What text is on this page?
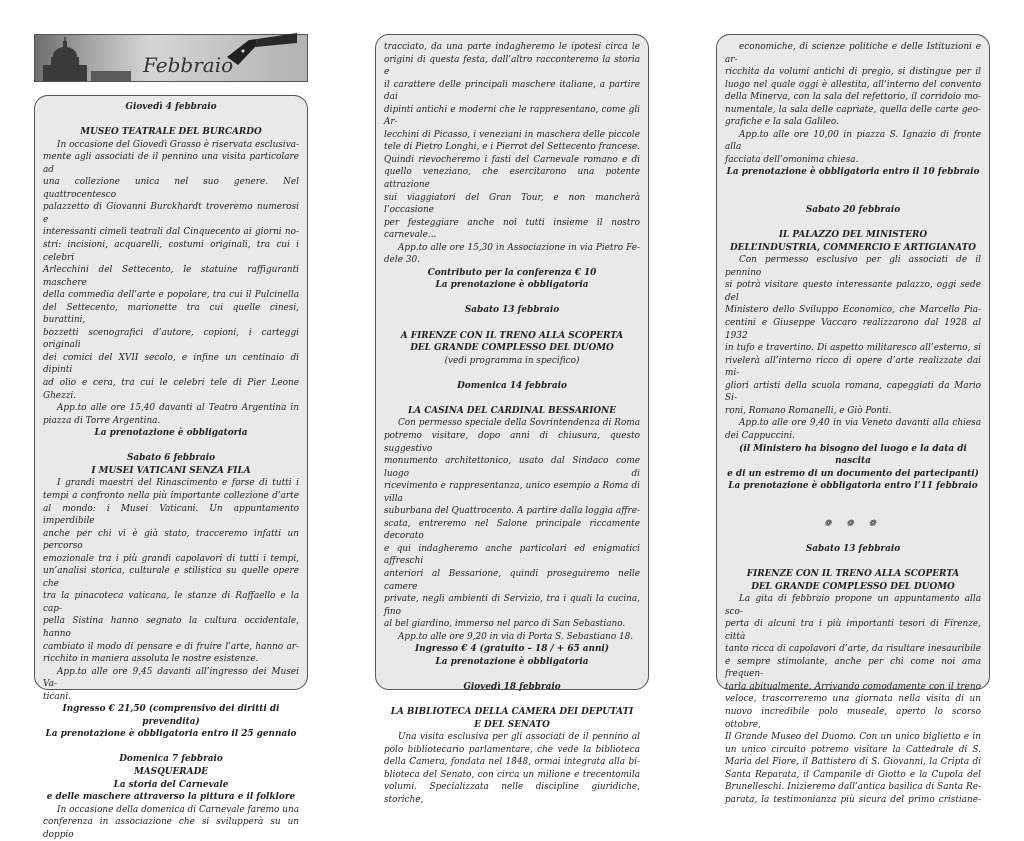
Febbraio

Giovedì 4 febbraio

MUSEO TEATRALE DEL BURCARDO

In occasione del Giovedì Grasso è riservata esclusiva-

mente agli associati de il pennino una visita particolare ad

una collezione unica nel suo genere. Nel quattrocentesco

palazzetto di Giovanni Burckhardt troveremo numerosi e

interessanti cimeli teatrali dal Cinquecento ai giorni no-

stri: incisioni, acquarelli, costumi originali, tra cui i celebri

Arlecchini del Settecento, le statuine raffiguranti maschere

della commedia dell’arte e popolare, tra cui il Pulcinella

del Settecento, marionette tra cui quelle cinesi, burattini,

bozzetti scenografici d’autore, copioni, i carteggi originali

dei comici del XVII secolo, e infine un centinaio di dipinti

ad olio e cera, tra cui le celebri tele di Pier Leone Ghezzi.

App.to alle ore 15,40 davanti al Teatro Argentina in

piazza di Torre Argentina.

La prenotazione è obbligatoria

Sabato 6 febbraio

I MUSEI VATICANI SENZA FILA

I grandi maestri del Rinascimento e forse di tutti i

tempi a confronto nella più importante collezione d’arte

al mondo: i Musei Vaticani. Un appuntamento imperdibile

anche per chi vi è già stato, tracceremo infatti un percorso

emozionale tra i più grandi capolavori di tutti i tempi,

un’analisi storica, culturale e stilistica su quelle opere che

tra la pinacoteca vaticana, le stanze di Raffaello e la cap-

pella Sistina hanno segnato la cultura occidentale, hanno

cambiato il modo di pensare e di fruire l’arte, hanno ar-

ricchito in maniera assoluta le nostre esistenze.

App.to alle ore 9,45 davanti all’ingresso dei Musei Va-

ticani.

Ingresso € 21,50 (comprensivo dei diritti di prevendita)

La prenotazione è obbligatoria entro il 25 gennaio

Domenica 7 febbraio

MASQUERADE

La storia del Carnevale

e delle maschere attraverso la pittura e il folklore

In occasione della domenica di Carnevale faremo una

conferenza in associazione che si svilupperà su un doppio

tracciato, da una parte indagheremo le ipotesi circa le

origini di questa festa, dall’altro racconteremo la storia e

il carattere delle principali maschere italiane, a partire dai

dipinti antichi e moderni che le rappresentano, come gli Ar-

lecchini di Picasso, i veneziani in maschera delle piccole

tele di Pietro Longhi, e i Pierrot del Settecento francese.

Quindi rievocheremo i fasti del Carnevale romano e di

quello veneziano, che esercitarono una potente attrazione

sui viaggiatori del Gran Tour, e non mancherà l’occasione

per festeggiare anche noi tutti insieme il nostro carnevale...

App.to alle ore 15,30 in Associazione in via Pietro Fe-

dele 30.

Contributo per la conferenza € 10

La prenotazione è obbligatoria

Sabato 13 febbraio

A FIRENZE CON IL TRENO ALLA SCOPERTA

DEL GRANDE COMPLESSO DEL DUOMO

(vedi programma in specifico)

Domenica 14 febbraio

LA CASINA DEL CARDINAL BESSARIONE

Con permesso speciale della Sovrintendenza di Roma

potremo visitare, dopo anni di chiusura, questo suggestivo

monumento architettonico, usato dal Sindaco come luogo di

ricevimento e rappresentanza, unico esempio a Roma di villa

suburbana del Quattrocento. A partire dalla loggia affre-

scata, entreremo nel Salone principale riccamente decorato

e qui indagheremo anche particolari ed enigmatici affreschi

anteriori al Bessarione, quindi proseguiremo nelle camere

private, negli ambienti di Servizio, tra i quali la cucina, fino

al bel giardino, immerso nel parco di San Sebastiano.

App.to alle ore 9,20 in via di Porta S. Sebastiano 18.

Ingresso € 4 (gratuito – 18 / + 65 anni)

La prenotazione è obbligatoria

Giovedì 18 febbraio

LA BIBLIOTECA DELLA CAMERA DEI DEPUTATI

E DEL SENATO

Una visita esclusiva per gli associati de il pennino al

polo bibliotecario parlamentare, che vede la biblioteca

della Camera, fondata nel 1848, ormai integrata alla bi-

blioteca del Senato, con circa un milione e trecentomila

volumi. Specializzata nelle discipline giuridiche, storiche,

economiche, di scienze politiche e delle Istituzioni e ar-

ricchita da volumi antichi di pregio, si distingue per il

luogo nel quale oggi è allestita, all’interno del convento

della Minerva, con la sala del refettorio, il corridoio mo-

numentale, la sala delle capriate, quella delle carte geo-

grafiche e la sala Galileo.

App.to alle ore 10,00 in piazza S. Ignazio di fronte alla

facciata dell’omonima chiesa.

La prenotazione è obbligatoria entro il 10 febbraio

Sabato 20 febbraio

IL PALAZZO DEL MINISTERO

DELL’INDUSTRIA, COMMERCIO E ARTIGIANATO

Con permesso esclusivo per gli associati de il pennino

si potrà visitare questo interessante palazzo, oggi sede del

Ministero dello Sviluppo Economico, che Marcello Pia-

centini e Giuseppe Vaccaro realizzarono dal 1928 al 1932

in tufo e travertino. Di aspetto militaresco all’esterno, si

rivelerà all’interno ricco di opere d’arte realizzate dai mi-

gliori artisti della scuola romana, capeggiati da Mario Si-

roni, Romano Romanelli, e Giò Ponti.

App.to alle ore 9,40 in via Veneto davanti alla chiesa

dei Cappuccini.

(il Ministero ha bisogno del luogo e la data di nascita

e di un estremo di un documento dei partecipanti)

La prenotazione è obbligatoria entro l’11 febbraio

❁ ❁ ❁

Sabato 13 febbraio

FIRENZE CON IL TRENO ALLA SCOPERTA

DEL GRANDE COMPLESSO DEL DUOMO

La gita di febbraio propone un appuntamento alla sco-

perta di alcuni tra i più importanti tesori di Firenze, città

tanto ricca di capolavori d’arte, da risultare inesauribile

e sempre stimolante, anche per chi come noi ama frequen-

tarla abitualmente. Arrivando comodamente con il treno

veloce, trascorreremo una giornata nella visita di un

nuovo incredibile polo museale, aperto lo scorso ottobre,

Il Grande Museo del Duomo. Con un unico biglietto e in

un unico circuito potremo visitare la Cattedrale di S.

Maria del Fiore, il Battistero di S. Giovanni, la Cripta di

Santa Reparata, il Campanile di Giotto e la Cupola del

Brunelleschi. Inizieremo dall’antica basilica di Santa Re-

parata, la testimonianza più sicura del primo cristiane-
